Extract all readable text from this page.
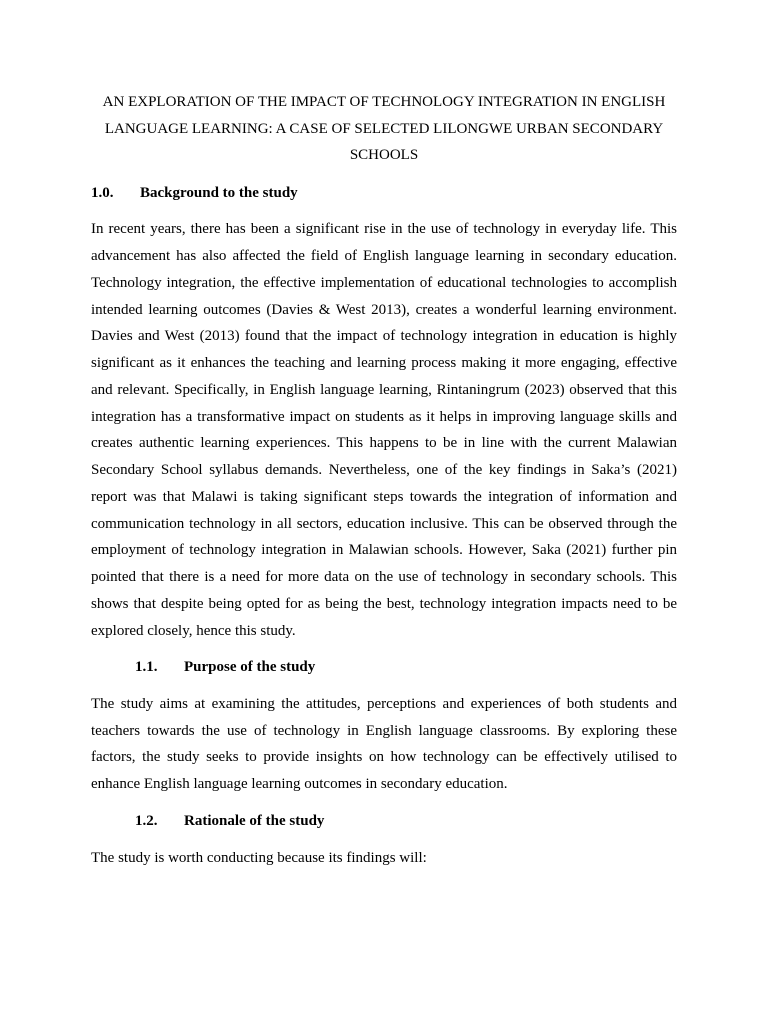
AN EXPLORATION OF THE IMPACT OF TECHNOLOGY INTEGRATION IN ENGLISH
LANGUAGE LEARNING: A CASE OF SELECTED LILONGWE URBAN SECONDARY
SCHOOLS
1.0.	Background to the study

In recent years, there has been a significant rise in the use of technology in everyday life. This advancement has also affected the field of English language learning in secondary education. Technology integration, the effective implementation of educational technologies to accomplish intended learning outcomes (Davies & West 2013), creates a wonderful learning environment. Davies and West (2013) found that the impact of technology integration in education is highly significant as it enhances the teaching and learning process making it more engaging, effective and relevant. Specifically, in English language learning, Rintaningrum (2023) observed that this integration has a transformative impact on students as it helps in improving language skills and creates authentic learning experiences. This happens to be in line with the current Malawian Secondary School syllabus demands. Nevertheless, one of the key findings in Saka’s (2021) report was that Malawi is taking significant steps towards the integration of information and communication technology in all sectors, education inclusive. This can be observed through the employment of technology integration in Malawian schools. However, Saka (2021) further pin pointed that there is a need for more data on the use of technology in secondary schools. This shows that despite being opted for as being the best, technology integration impacts need to be explored closely, hence this study.

1.1.	Purpose of the study

The study aims at examining the attitudes, perceptions and experiences of both students and teachers towards the use of technology in English language classrooms. By exploring these factors, the study seeks to provide insights on how technology can be effectively utilised to enhance English language learning outcomes in secondary education.

1.2.	Rationale of the study

The study is worth conducting because its findings will:
